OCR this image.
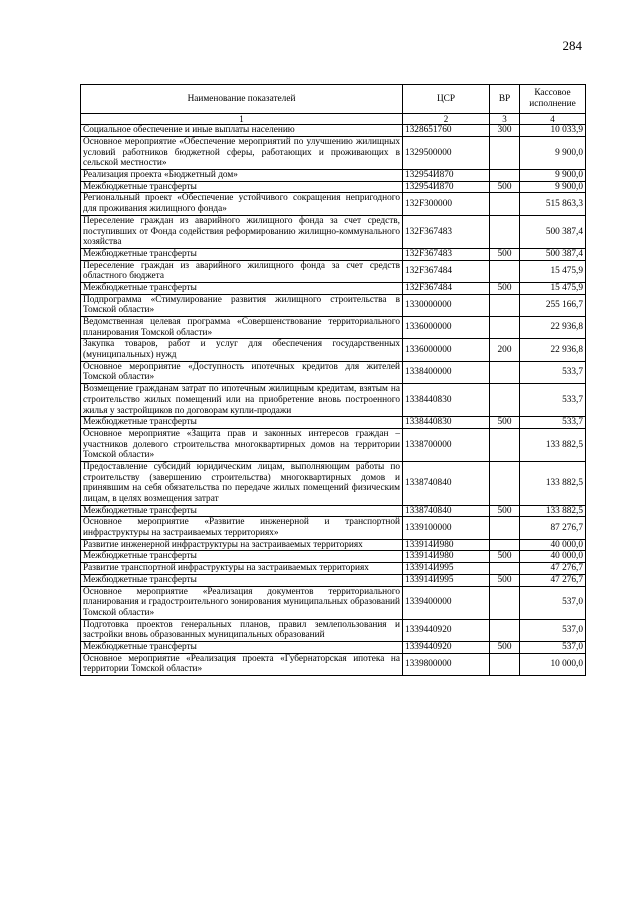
284
Наименование показателей	ЦСР	ВР	Кассовое исполнение
1	2	3	4
Социальное обеспечение и иные выплаты населению	1328651760	300	10 033,9
Основное мероприятие «Обеспечение мероприятий по улучшению жилищных условий работников бюджетной сферы, работающих и проживающих в сельской местности»	1329500000		9 900,0
Реализация проекта «Бюджетный дом»	132954И870		9 900,0
Межбюджетные трансферты	132954И870	500	9 900,0
Региональный проект «Обеспечение устойчивого сокращения непригодного для проживания жилищного фонда»	132F300000		515 863,3
Переселение граждан из аварийного жилищного фонда за счет средств, поступивших от Фонда содействия реформированию жилищно-коммунального хозяйства	132F367483		500 387,4
Межбюджетные трансферты	132F367483	500	500 387,4
Переселение граждан из аварийного жилищного фонда за счет средств областного бюджета	132F367484		15 475,9
Межбюджетные трансферты	132F367484	500	15 475,9
Подпрограмма «Стимулирование развития жилищного строительства в Томской области»	1330000000		255 166,7
Ведомственная целевая программа «Совершенствование территориального планирования Томской области»	1336000000		22 936,8
Закупка товаров, работ и услуг для обеспечения государственных (муниципальных) нужд	1336000000	200	22 936,8
Основное мероприятие «Доступность ипотечных кредитов для жителей Томской области»	1338400000		533,7
Возмещение гражданам затрат по ипотечным жилищным кредитам, взятым на строительство жилых помещений или на приобретение вновь построенного жилья у застройщиков по договорам купли-продажи	1338440830		533,7
Межбюджетные трансферты	1338440830	500	533,7
Основное мероприятие «Защита прав и законных интересов граждан – участников долевого строительства многоквартирных домов на территории Томской области»	1338700000		133 882,5
Предоставление субсидий юридическим лицам, выполняющим работы по строительству (завершению строительства) многоквартирных домов и принявшим на себя обязательства по передаче жилых помещений физическим лицам, в целях возмещения затрат	1338740840		133 882,5
Межбюджетные трансферты	1338740840	500	133 882,5
Основное мероприятие «Развитие инженерной и транспортной инфраструктуры на застраиваемых территориях»	1339100000		87 276,7
Развитие инженерной инфраструктуры на застраиваемых территориях	133914И980		40 000,0
Межбюджетные трансферты	133914И980	500	40 000,0
Развитие транспортной инфраструктуры на застраиваемых территориях	133914И995		47 276,7
Межбюджетные трансферты	133914И995	500	47 276,7
Основное мероприятие «Реализация документов территориального планирования и градостроительного зонирования муниципальных образований Томской области»	1339400000		537,0
Подготовка проектов генеральных планов, правил землепользования и застройки вновь образованных муниципальных образований	1339440920		537,0
Межбюджетные трансферты	1339440920	500	537,0
Основное мероприятие «Реализация проекта «Губернаторская ипотека на территории Томской области»	1339800000		10 000,0
